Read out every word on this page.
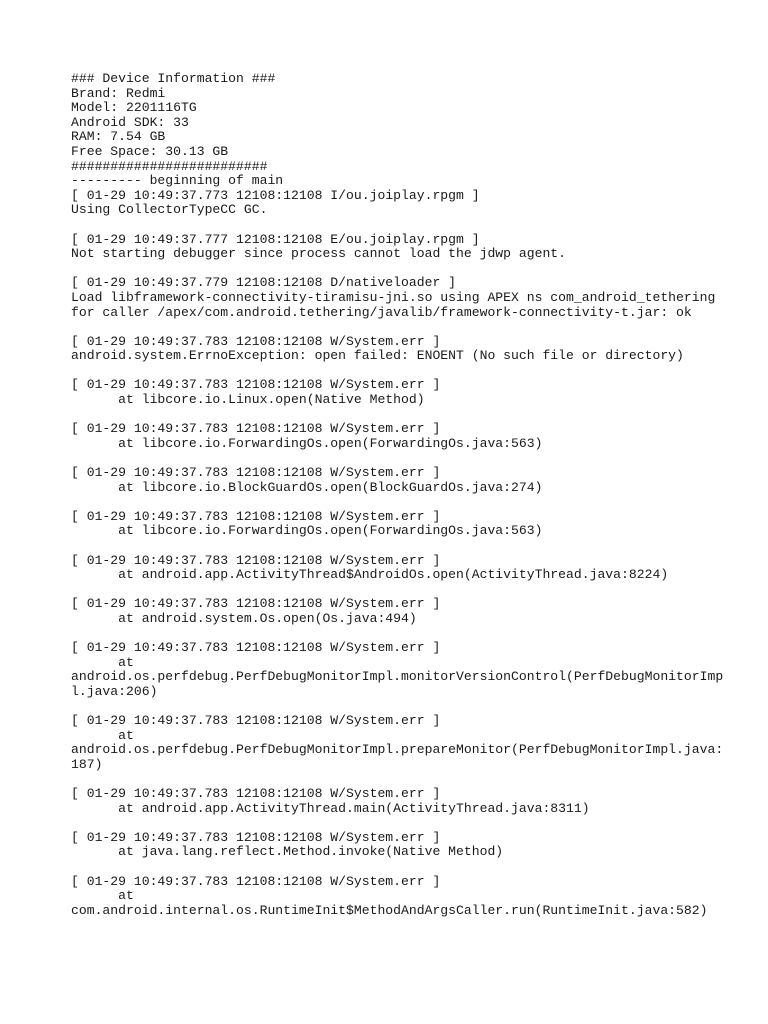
### Device Information ###
Brand: Redmi
Model: 2201116TG
Android SDK: 33
RAM: 7.54 GB
Free Space: 30.13 GB
#########################
--------- beginning of main
[ 01-29 10:49:37.773 12108:12108 I/ou.joiplay.rpgm ]
Using CollectorTypeCC GC.
[ 01-29 10:49:37.777 12108:12108 E/ou.joiplay.rpgm ]
Not starting debugger since process cannot load the jdwp agent.
[ 01-29 10:49:37.779 12108:12108 D/nativeloader ]
Load libframework-connectivity-tiramisu-jni.so using APEX ns com_android_tethering
for caller /apex/com.android.tethering/javalib/framework-connectivity-t.jar: ok
[ 01-29 10:49:37.783 12108:12108 W/System.err ]
android.system.ErrnoException: open failed: ENOENT (No such file or directory)
[ 01-29 10:49:37.783 12108:12108 W/System.err ]
at libcore.io.Linux.open(Native Method)
[ 01-29 10:49:37.783 12108:12108 W/System.err ]
at libcore.io.ForwardingOs.open(ForwardingOs.java:563)
[ 01-29 10:49:37.783 12108:12108 W/System.err ]
at libcore.io.BlockGuardOs.open(BlockGuardOs.java:274)
[ 01-29 10:49:37.783 12108:12108 W/System.err ]
at libcore.io.ForwardingOs.open(ForwardingOs.java:563)
[ 01-29 10:49:37.783 12108:12108 W/System.err ]
at android.app.ActivityThread$AndroidOs.open(ActivityThread.java:8224)
[ 01-29 10:49:37.783 12108:12108 W/System.err ]
at android.system.Os.open(Os.java:494)
[ 01-29 10:49:37.783 12108:12108 W/System.err ]
at
android.os.perfdebug.PerfDebugMonitorImpl.monitorVersionControl(PerfDebugMonitorImp
l.java:206)
[ 01-29 10:49:37.783 12108:12108 W/System.err ]
at
android.os.perfdebug.PerfDebugMonitorImpl.prepareMonitor(PerfDebugMonitorImpl.java:
187)
[ 01-29 10:49:37.783 12108:12108 W/System.err ]
at android.app.ActivityThread.main(ActivityThread.java:8311)
[ 01-29 10:49:37.783 12108:12108 W/System.err ]
at java.lang.reflect.Method.invoke(Native Method)
[ 01-29 10:49:37.783 12108:12108 W/System.err ]
at
com.android.internal.os.RuntimeInit$MethodAndArgsCaller.run(RuntimeInit.java:582)
